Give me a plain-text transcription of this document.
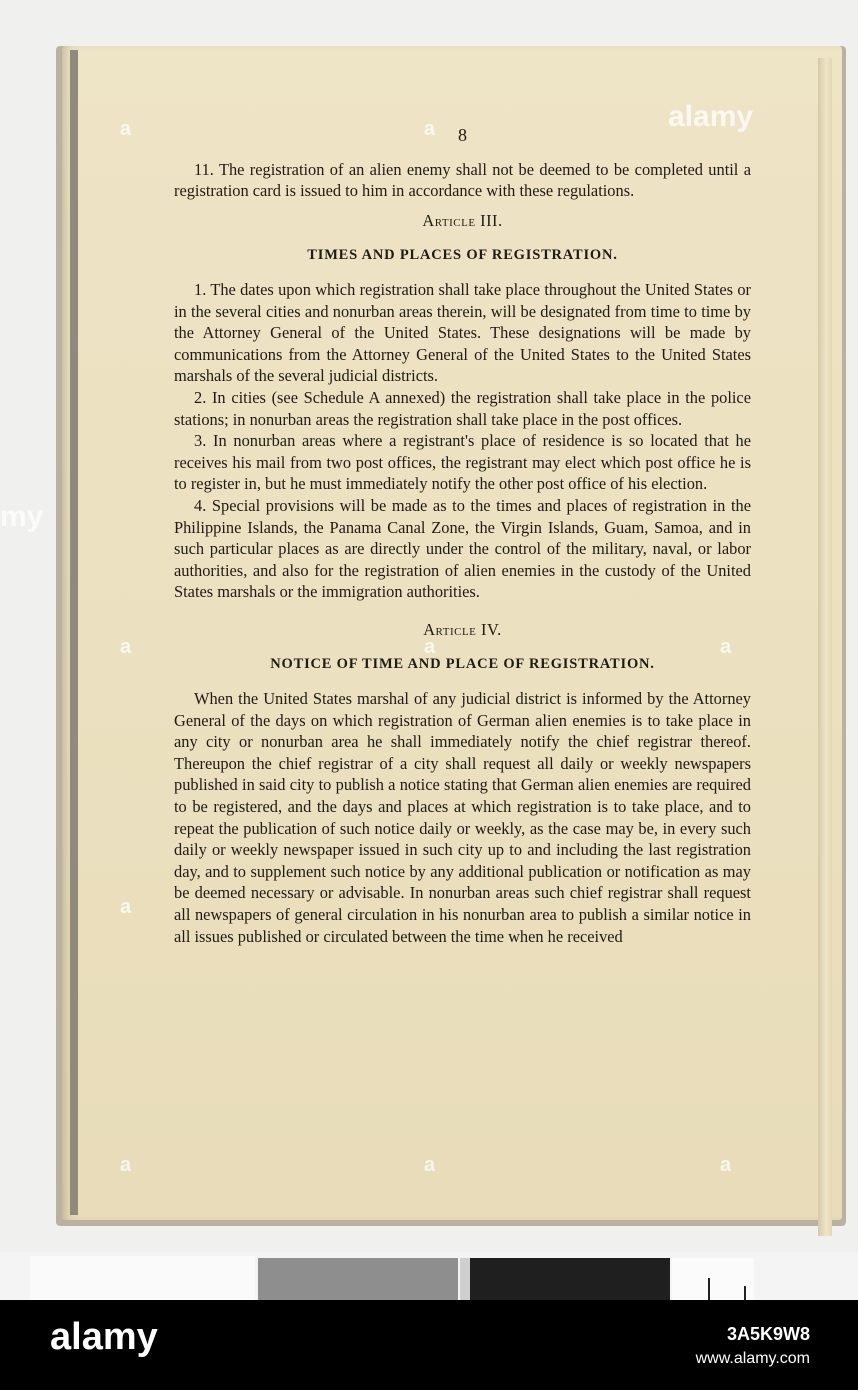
8

11. The registration of an alien enemy shall not be deemed to be completed until a registration card is issued to him in accordance with these regulations.

Article III.
TIMES AND PLACES OF REGISTRATION.

1. The dates upon which registration shall take place throughout the United States or in the several cities and nonurban areas therein, will be designated from time to time by the Attorney General of the United States. These designations will be made by communications from the Attorney General of the United States to the United States marshals of the several judicial districts.

2. In cities (see Schedule A annexed) the registration shall take place in the police stations; in nonurban areas the registration shall take place in the post offices.

3. In nonurban areas where a registrant's place of residence is so located that he receives his mail from two post offices, the registrant may elect which post office he is to register in, but he must immediately notify the other post office of his election.

4. Special provisions will be made as to the times and places of registration in the Philippine Islands, the Panama Canal Zone, the Virgin Islands, Guam, Samoa, and in such particular places as are directly under the control of the military, naval, or labor authorities, and also for the registration of alien enemies in the custody of the United States marshals or the immigration authorities.

Article IV.
NOTICE OF TIME AND PLACE OF REGISTRATION.

When the United States marshal of any judicial district is informed by the Attorney General of the days on which registration of German alien enemies is to take place in any city or nonurban area he shall immediately notify the chief registrar thereof. Thereupon the chief registrar of a city shall request all daily or weekly newspapers published in said city to publish a notice stating that German alien enemies are required to be registered, and the days and places at which registration is to take place, and to repeat the publication of such notice daily or weekly, as the case may be, in every such daily or weekly newspaper issued in such city up to and including the last registration day, and to supplement such notice by any additional publication or notification as may be deemed necessary or advisable. In nonurban areas such chief registrar shall request all newspapers of general circulation in his nonurban area to publish a similar notice in all issues published or circulated between the time when he received

alamy
a	a
a	a	a
a
a	a	a
my
alamy	3A5K9W8
www.alamy.com
